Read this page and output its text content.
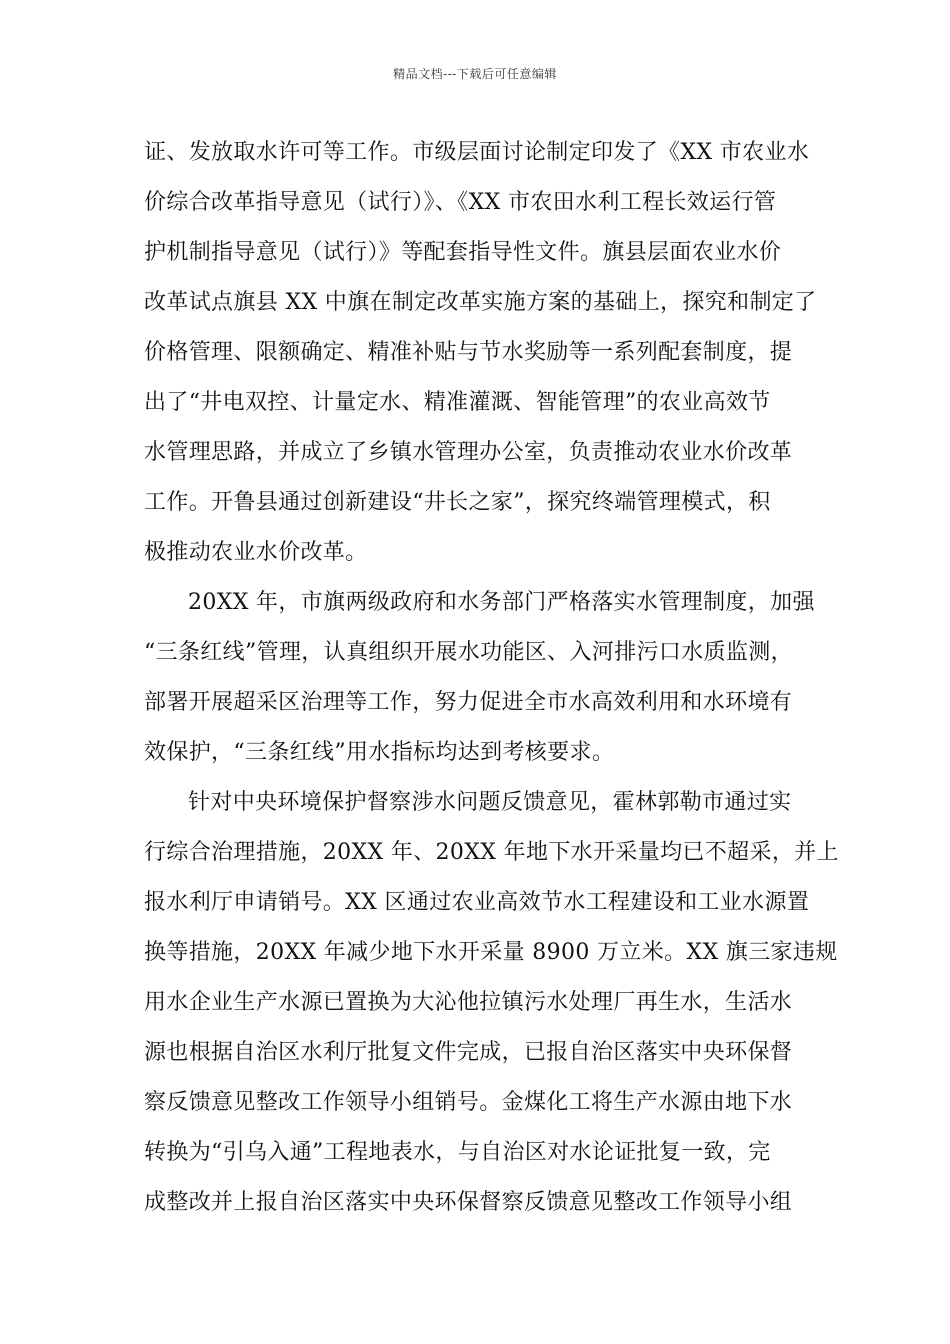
精品文档---下载后可任意编辑
证、发放取水许可等工作。市级层面讨论制定印发了《XX 市农业水
价综合改革指导意见（试行）》、《XX 市农田水利工程长效运行管
护机制指导意见（试行）》等配套指导性文件。旗县层面农业水价
改革试点旗县 XX 中旗在制定改革实施方案的基础上，探究和制定了
价格管理、限额确定、精准补贴与节水奖励等一系列配套制度，提
出了“井电双控、计量定水、精准灌溉、智能管理”的农业高效节
水管理思路，并成立了乡镇水管理办公室，负责推动农业水价改革
工作。开鲁县通过创新建设“井长之家”，探究终端管理模式，积
极推动农业水价改革。
20XX 年，市旗两级政府和水务部门严格落实水管理制度，加强
“三条红线”管理，认真组织开展水功能区、入河排污口水质监测，
部署开展超采区治理等工作，努力促进全市水高效利用和水环境有
效保护，“三条红线”用水指标均达到考核要求。
针对中央环境保护督察涉水问题反馈意见，霍林郭勒市通过实
行综合治理措施，20XX 年、20XX 年地下水开采量均已不超采，并上
报水利厅申请销号。XX 区通过农业高效节水工程建设和工业水源置
换等措施，20XX 年减少地下水开采量 8900 万立米。XX 旗三家违规
用水企业生产水源已置换为大沁他拉镇污水处理厂再生水，生活水
源也根据自治区水利厅批复文件完成，已报自治区落实中央环保督
察反馈意见整改工作领导小组销号。金煤化工将生产水源由地下水
转换为“引乌入通”工程地表水，与自治区对水论证批复一致，完
成整改并上报自治区落实中央环保督察反馈意见整改工作领导小组
